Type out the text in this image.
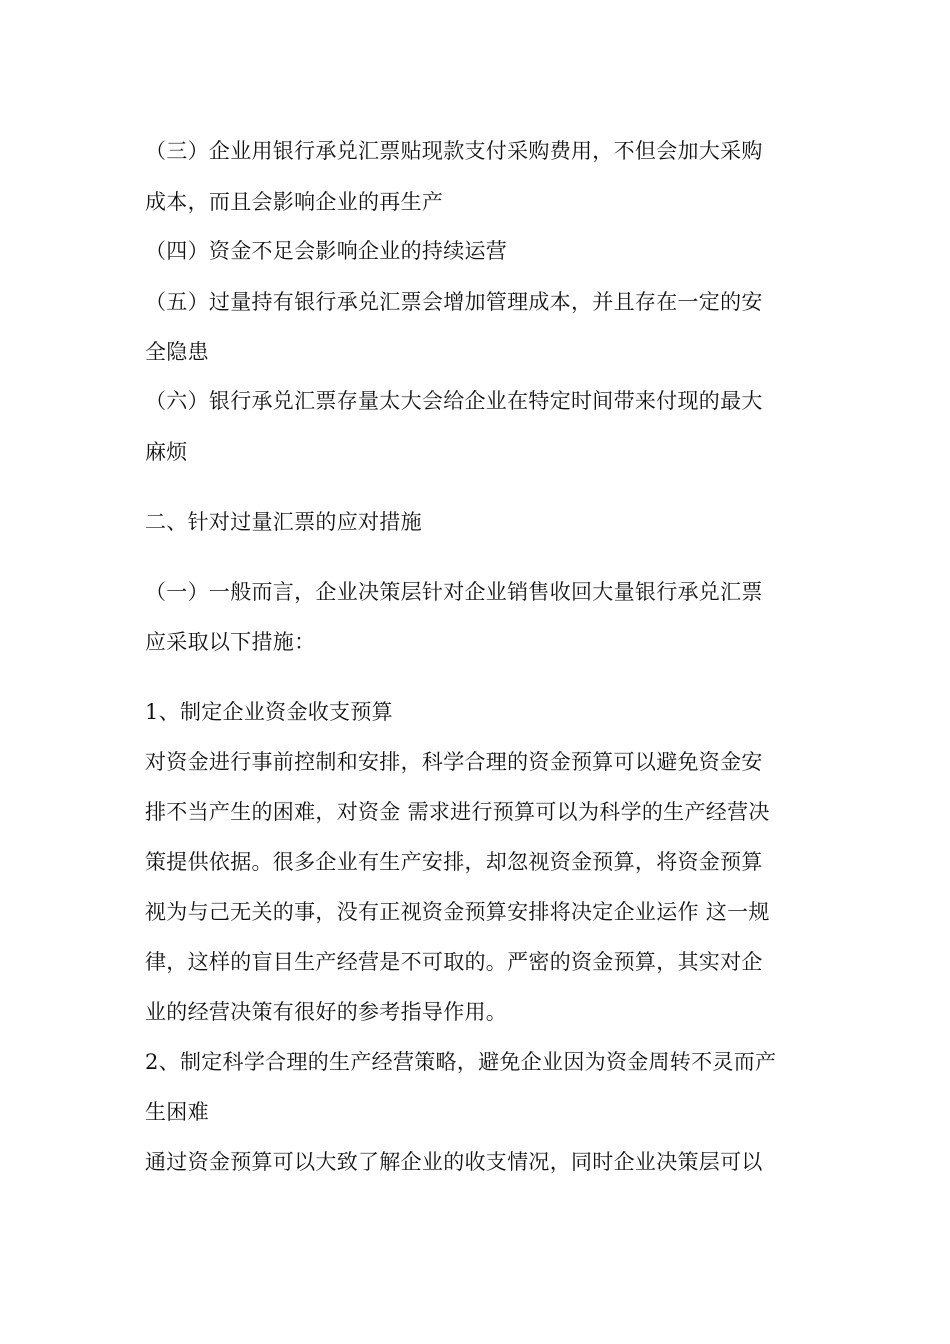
（三）企业用银行承兑汇票贴现款支付采购费用，不但会加大采购

成本，而且会影响企业的再生产

（四）资金不足会影响企业的持续运营

（五）过量持有银行承兑汇票会增加管理成本，并且存在一定的安

全隐患

（六）银行承兑汇票存量太大会给企业在特定时间带来付现的最大

麻烦

二、针对过量汇票的应对措施

（一）一般而言，企业决策层针对企业销售收回大量银行承兑汇票

应采取以下措施：

1、制定企业资金收支预算

对资金进行事前控制和安排，科学合理的资金预算可以避免资金安

排不当产生的困难，对资金 需求进行预算可以为科学的生产经营决

策提供依据。很多企业有生产安排，却忽视资金预算，将资金预算

视为与己无关的事，没有正视资金预算安排将决定企业运作 这一规

律，这样的盲目生产经营是不可取的。严密的资金预算，其实对企

业的经营决策有很好的参考指导作用。

2、制定科学合理的生产经营策略，避免企业因为资金周转不灵而产

生困难

通过资金预算可以大致了解企业的收支情况，同时企业决策层可以
